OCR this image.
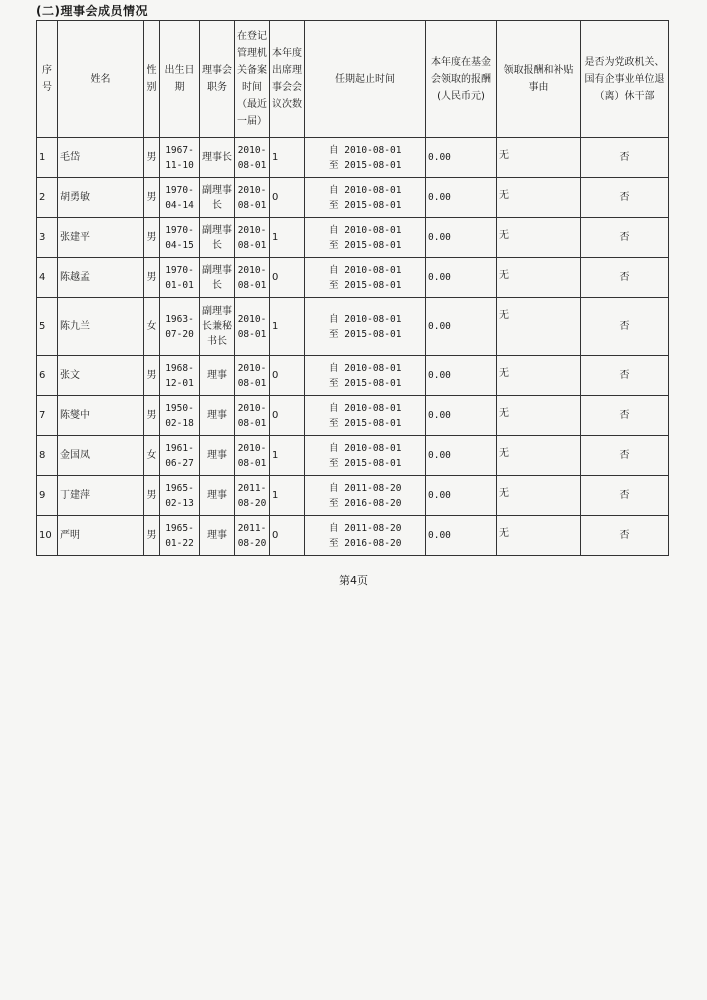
(二)理事会成员情况
序号	姓名	性别	出生日期	理事会职务	在登记管理机关备案时间（最近一届）	本年度出席理事会会议次数	任期起止时间	本年度在基金会领取的报酬(人民币元)	领取报酬和补贴事由	是否为党政机关、国有企事业单位退（离）休干部
1	毛岱	男	1967-11-10	理事长	2010-08-01	1	自 2010-08-01
至 2015-08-01	0.00	无	否
2	胡勇敏	男	1970-04-14	副理事长	2010-08-01	0	自 2010-08-01
至 2015-08-01	0.00	无	否
3	张建平	男	1970-04-15	副理事长	2010-08-01	1	自 2010-08-01
至 2015-08-01	0.00	无	否
4	陈越孟	男	1970-01-01	副理事长	2010-08-01	0	自 2010-08-01
至 2015-08-01	0.00	无	否
5	陈九兰	女	1963-07-20	副理事长兼秘书长	2010-08-01	1	自 2010-08-01
至 2015-08-01	0.00	无	否
6	张文	男	1968-12-01	理事	2010-08-01	0	自 2010-08-01
至 2015-08-01	0.00	无	否
7	陈燮中	男	1950-02-18	理事	2010-08-01	0	自 2010-08-01
至 2015-08-01	0.00	无	否
8	金国凤	女	1961-06-27	理事	2010-08-01	1	自 2010-08-01
至 2015-08-01	0.00	无	否
9	丁建萍	男	1965-02-13	理事	2011-08-20	1	自 2011-08-20
至 2016-08-20	0.00	无	否
10	严明	男	1965-01-22	理事	2011-08-20	0	自 2011-08-20
至 2016-08-20	0.00	无	否
第4页
